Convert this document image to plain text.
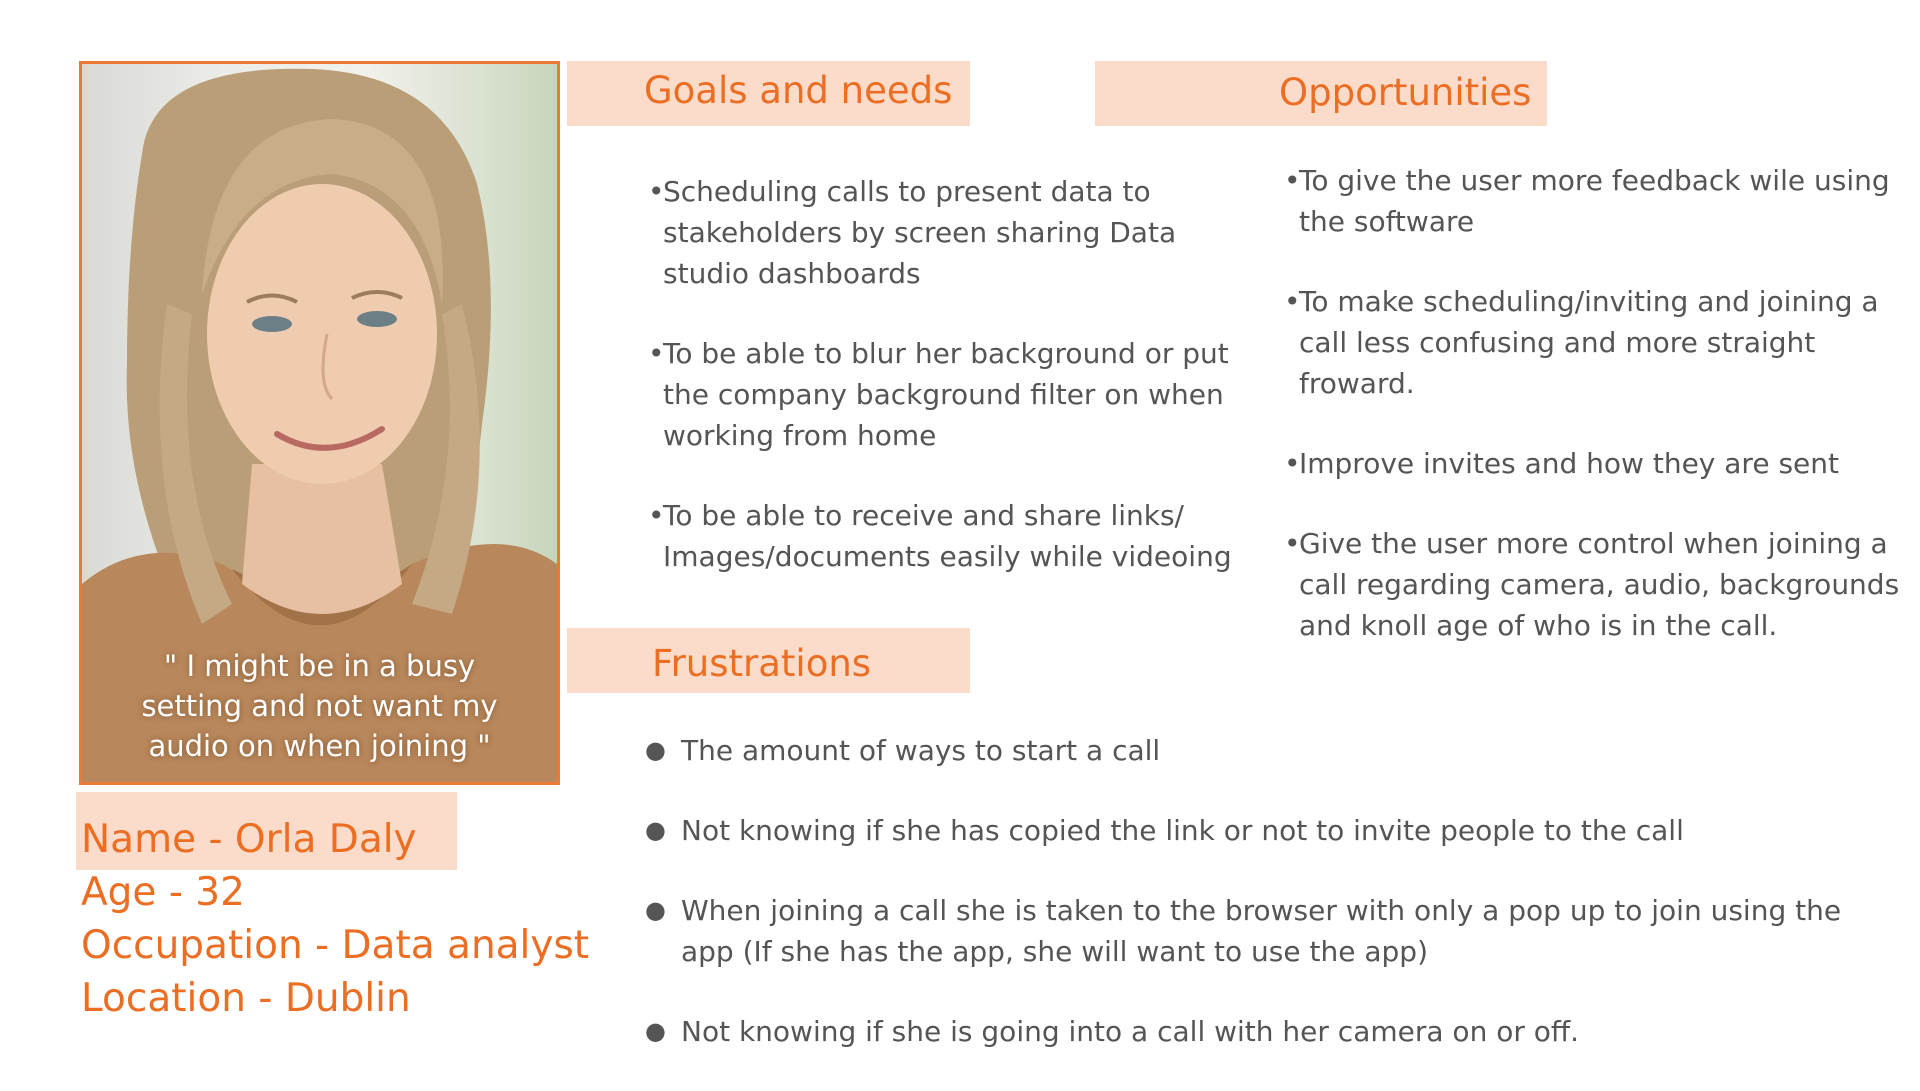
" I might be in a busy setting and not want my audio on when joining "
Goals and needs
•
Scheduling calls to present data to stakeholders by screen sharing Data studio dashboards
•
To be able to blur her background or put the company background filter on when working from home
•
To be able to receive and share links/ Images/documents easily while videoing
Opportunities
•
To give the user more feedback wile using the software
•
To make scheduling/inviting and joining a call less confusing and more straight froward.
•
Improve invites and how they are sent
•
Give the user more control when joining a call regarding camera, audio, backgrounds and knoll age of who is in the call.
Frustrations
● The amount of ways to start a call
● Not knowing if she has copied the link or not to invite people to the call
● When joining a call she is taken to the browser with only a pop up to join using the app (If she has the app, she will want to use the app)
● Not knowing if she is going into a call with her camera on or off.
Name - Orla Daly
Age - 32
Occupation - Data analyst
Location - Dublin
